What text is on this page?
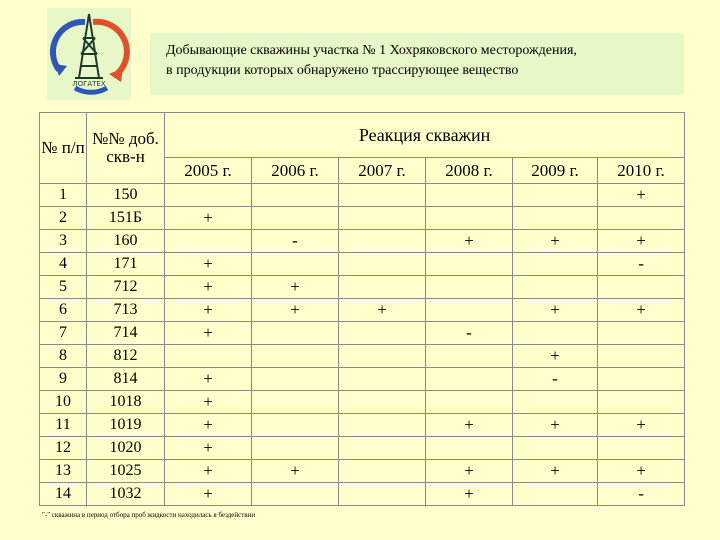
ЛОГАТЕХ
Добывающие скважины участка № 1 Хохряковского месторождения,
в продукции которых обнаружено трассирующее вещество
№ п/п	№№ доб. скв-н	Реакция скважин					
		2005 г.	2006 г.	2007 г.	2008 г.	2009 г.	2010 г.
1	150						+
2	151Б	+					
3	160		-		+	+	+
4	171	+					-
5	712	+	+				
6	713	+	+	+		+	+
7	714	+			-		
8	812					+	
9	814	+				-	
10	1018	+					
11	1019	+			+	+	+
12	1020	+					
13	1025	+	+		+	+	+
14	1032	+			+		-
"-" скважина в период отбора проб жидкости находилась в бездействии
